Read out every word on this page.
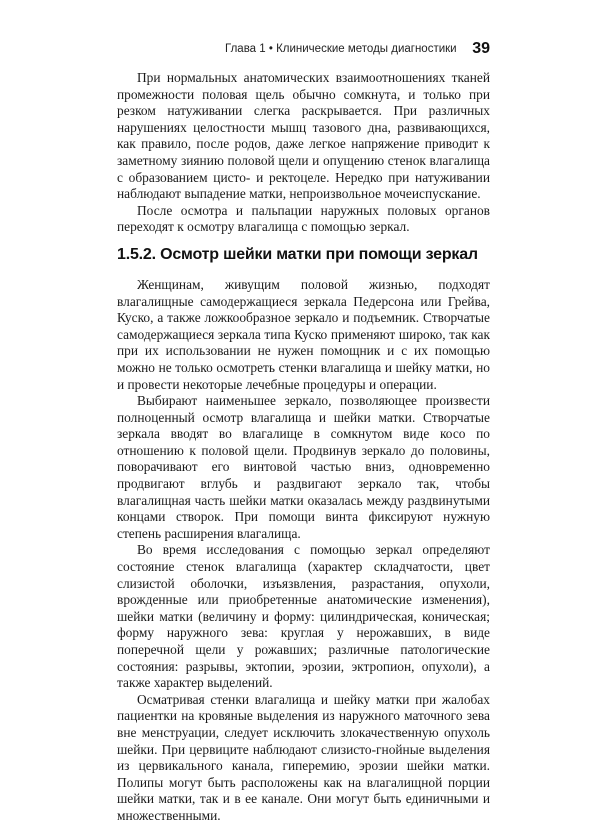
Глава 1 • Клинические методы диагностики 39

При нормальных анатомических взаимоотношениях тканей промежности половая щель обычно сомкнута, и только при резком натуживании слегка раскрывается. При различных нарушениях целостности мышц тазового дна, развивающихся, как правило, после родов, даже легкое напряжение приводит к заметному зиянию половой щели и опущению стенок влагалища с образованием цисто- и ректоцеле. Нередко при натуживании наблюдают выпадение матки, непроизвольное мочеиспускание.

После осмотра и пальпации наружных половых органов переходят к осмотру влагалища с помощью зеркал.

1.5.2. Осмотр шейки матки при помощи зеркал

Женщинам, живущим половой жизнью, подходят влагалищные самодержащиеся зеркала Педерсона или Грейва, Куско, а также ложкообразное зеркало и подъемник. Створчатые самодержащиеся зеркала типа Куско применяют широко, так как при их использовании не нужен помощник и с их помощью можно не только осмотреть стенки влагалища и шейку матки, но и провести некоторые лечебные процедуры и операции.

Выбирают наименьшее зеркало, позволяющее произвести полноценный осмотр влагалища и шейки матки. Створчатые зеркала вводят во влагалище в сомкнутом виде косо по отношению к половой щели. Продвинув зеркало до половины, поворачивают его винтовой частью вниз, одновременно продвигают вглубь и раздвигают зеркало так, чтобы влагалищная часть шейки матки оказалась между раздвинутыми концами створок. При помощи винта фиксируют нужную степень расширения влагалища.

Во время исследования с помощью зеркал определяют состояние стенок влагалища (характер складчатости, цвет слизистой оболочки, изъязвления, разрастания, опухоли, врожденные или приобретенные анатомические изменения), шейки матки (величину и форму: цилиндрическая, коническая; форму наружного зева: круглая у нерожавших, в виде поперечной щели у рожавших; различные патологические состояния: разрывы, эктопии, эрозии, эктропион, опухоли), а также характер выделений.

Осматривая стенки влагалища и шейку матки при жалобах пациентки на кровяные выделения из наружного маточного зева вне менструации, следует исключить злокачественную опухоль шейки. При цервиците наблюдают слизисто-гнойные выделения из цервикального канала, гиперемию, эрозии шейки матки. Полипы могут быть расположены как на влагалищной порции шейки матки, так и в ее канале. Они могут быть единичными и множественными.
